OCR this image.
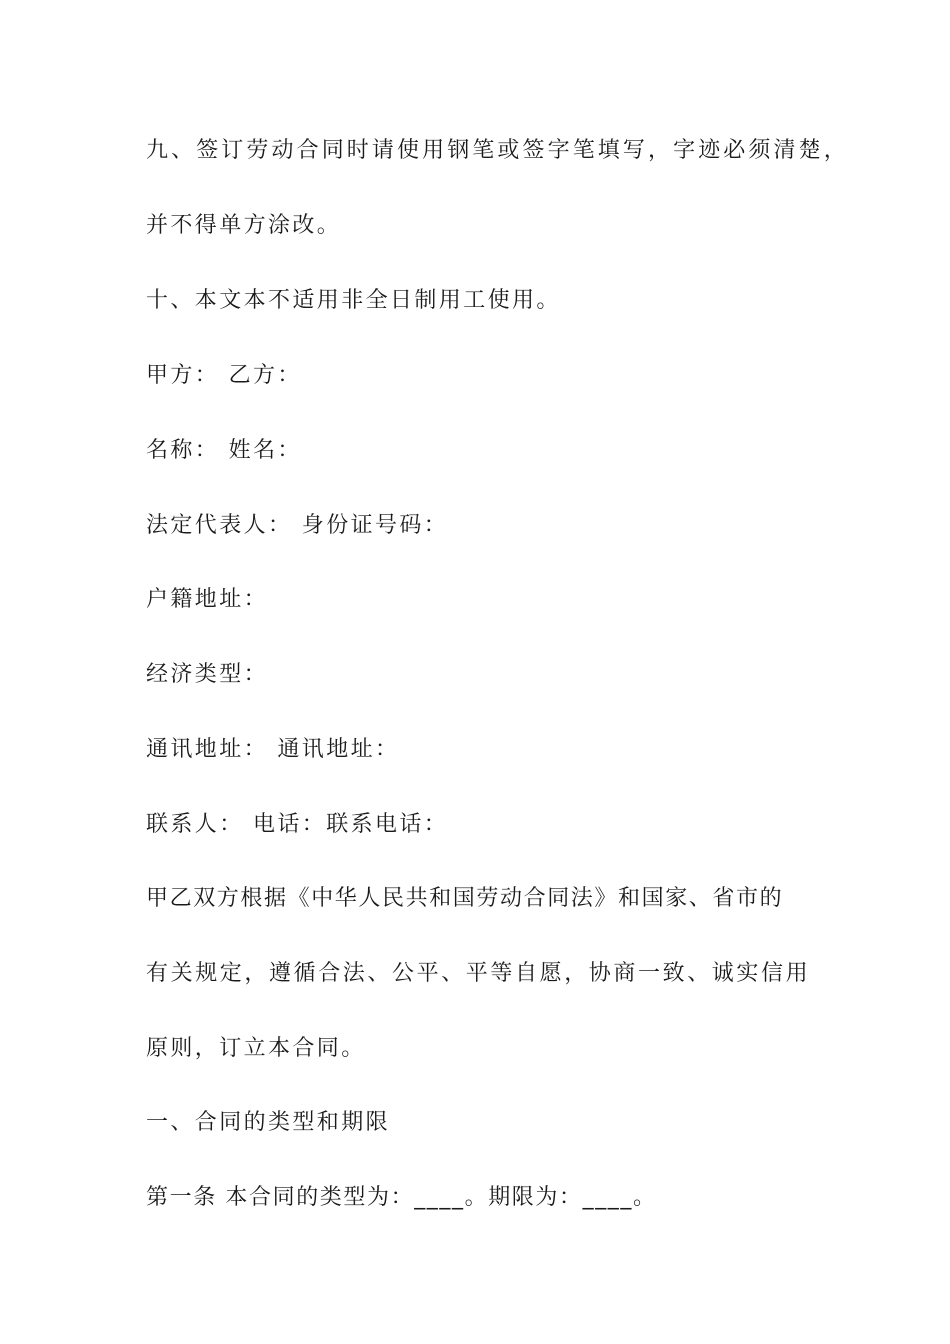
九、签订劳动合同时请使用钢笔或签字笔填写，字迹必须清楚，

并不得单方涂改。

十、本文本不适用非全日制用工使用。

甲方： 乙方：

名称： 姓名：

法定代表人： 身份证号码：

户籍地址：

经济类型：

通讯地址： 通讯地址：

联系人： 电话：联系电话：

甲乙双方根据《中华人民共和国劳动合同法》和国家、省市的

有关规定，遵循合法、公平、平等自愿，协商一致、诚实信用

原则，订立本合同。

一、合同的类型和期限

第一条 本合同的类型为：____。期限为：____。
